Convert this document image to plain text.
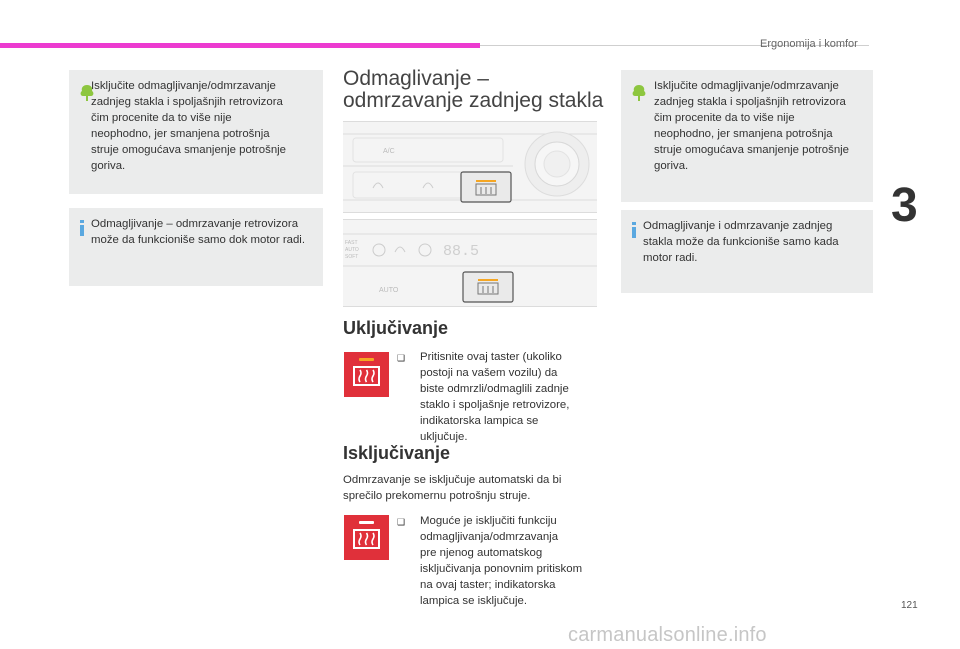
Ergonomija i komfor
3
Isključite odmagljivanje/odmrzavanje
zadnjeg stakla i spoljašnjih retrovizora
čim procenite da to više nije
neophodno, jer smanjena potrošnja
struje omogućava smanjenje potrošnje
goriva.
Odmagljivanje – odmrzavanje retrovizora
može da funkcioniše samo dok motor radi.
Odmaglivanje –
odmrzavanje zadnjeg stakla
A/C
FAST
AUTO
SOFT	88.5
AUTO
Uključivanje
❑ Pritisnite ovaj taster (ukoliko
postoji na vašem vozilu) da
biste odmrzli/odmaglili zadnje
staklo i spoljašnje retrovizore,
indikatorska lampica se
uključuje.
Isključivanje
Odmrzavanje se isključuje automatski da bi
sprečilo prekomernu potrošnju struje.
❑ Moguće je isključiti funkciju
odmagljivanja/odmrzavanja
pre njenog automatskog
isključivanja ponovnim pritiskom
na ovaj taster; indikatorska
lampica se isključuje.
Isključite odmagljivanje/odmrzavanje
zadnjeg stakla i spoljašnjih retrovizora
čim procenite da to više nije
neophodno, jer smanjena potrošnja
struje omogućava smanjenje potrošnje
goriva.
Odmagljivanje i odmrzavanje zadnjeg
stakla može da funkcioniše samo kada
motor radi.
121
carmanualsonline.info
